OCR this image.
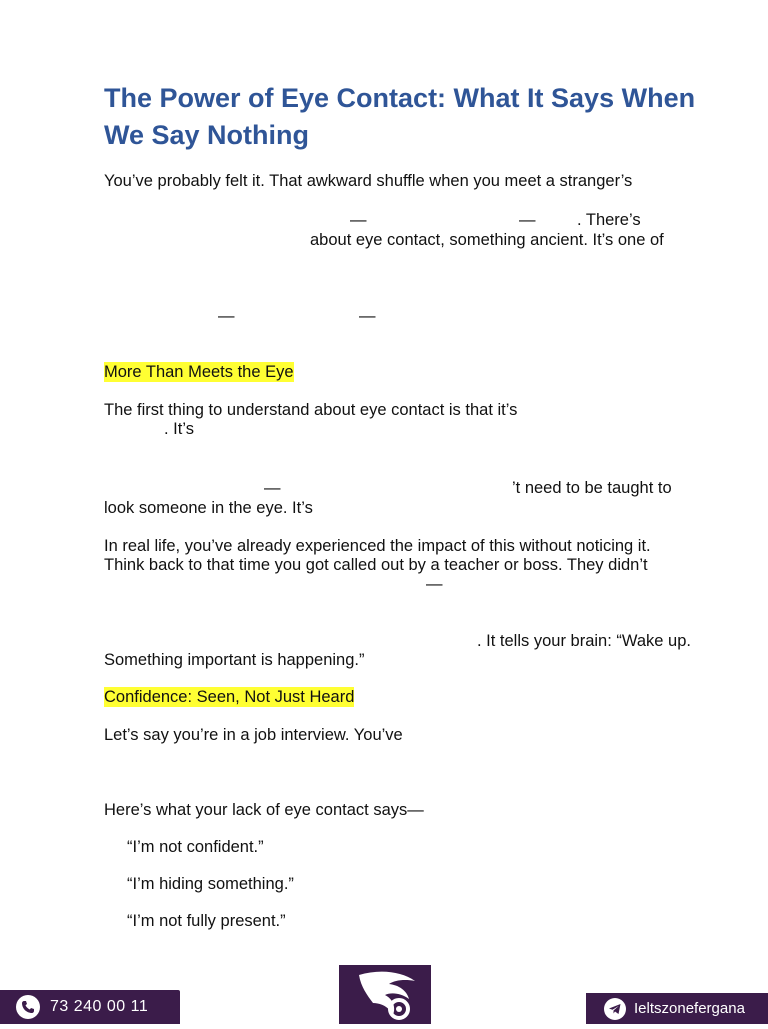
The Power of Eye Contact: What It Says When We Say Nothing

You’ve probably felt it. That awkward shuffle when you meet a stranger’s

—	—	. There’s

about eye contact, something ancient. It’s one of

—	—

More Than Meets the Eye

The first thing to understand about eye contact is that it’s

. It’s

—	’t need to be taught to

look someone in the eye. It’s

In real life, you’ve already experienced the impact of this without noticing it.

Think back to that time you got called out by a teacher or boss. They didn’t

—

. It tells your brain: “Wake up.

Something important is happening.”

Confidence: Seen, Not Just Heard

Let’s say you’re in a job interview. You’ve

Here’s what your lack of eye contact says—

“I’m not confident.”

“I’m hiding something.”

“I’m not fully present.”

73 240 00 11	Ieltszonefergana
